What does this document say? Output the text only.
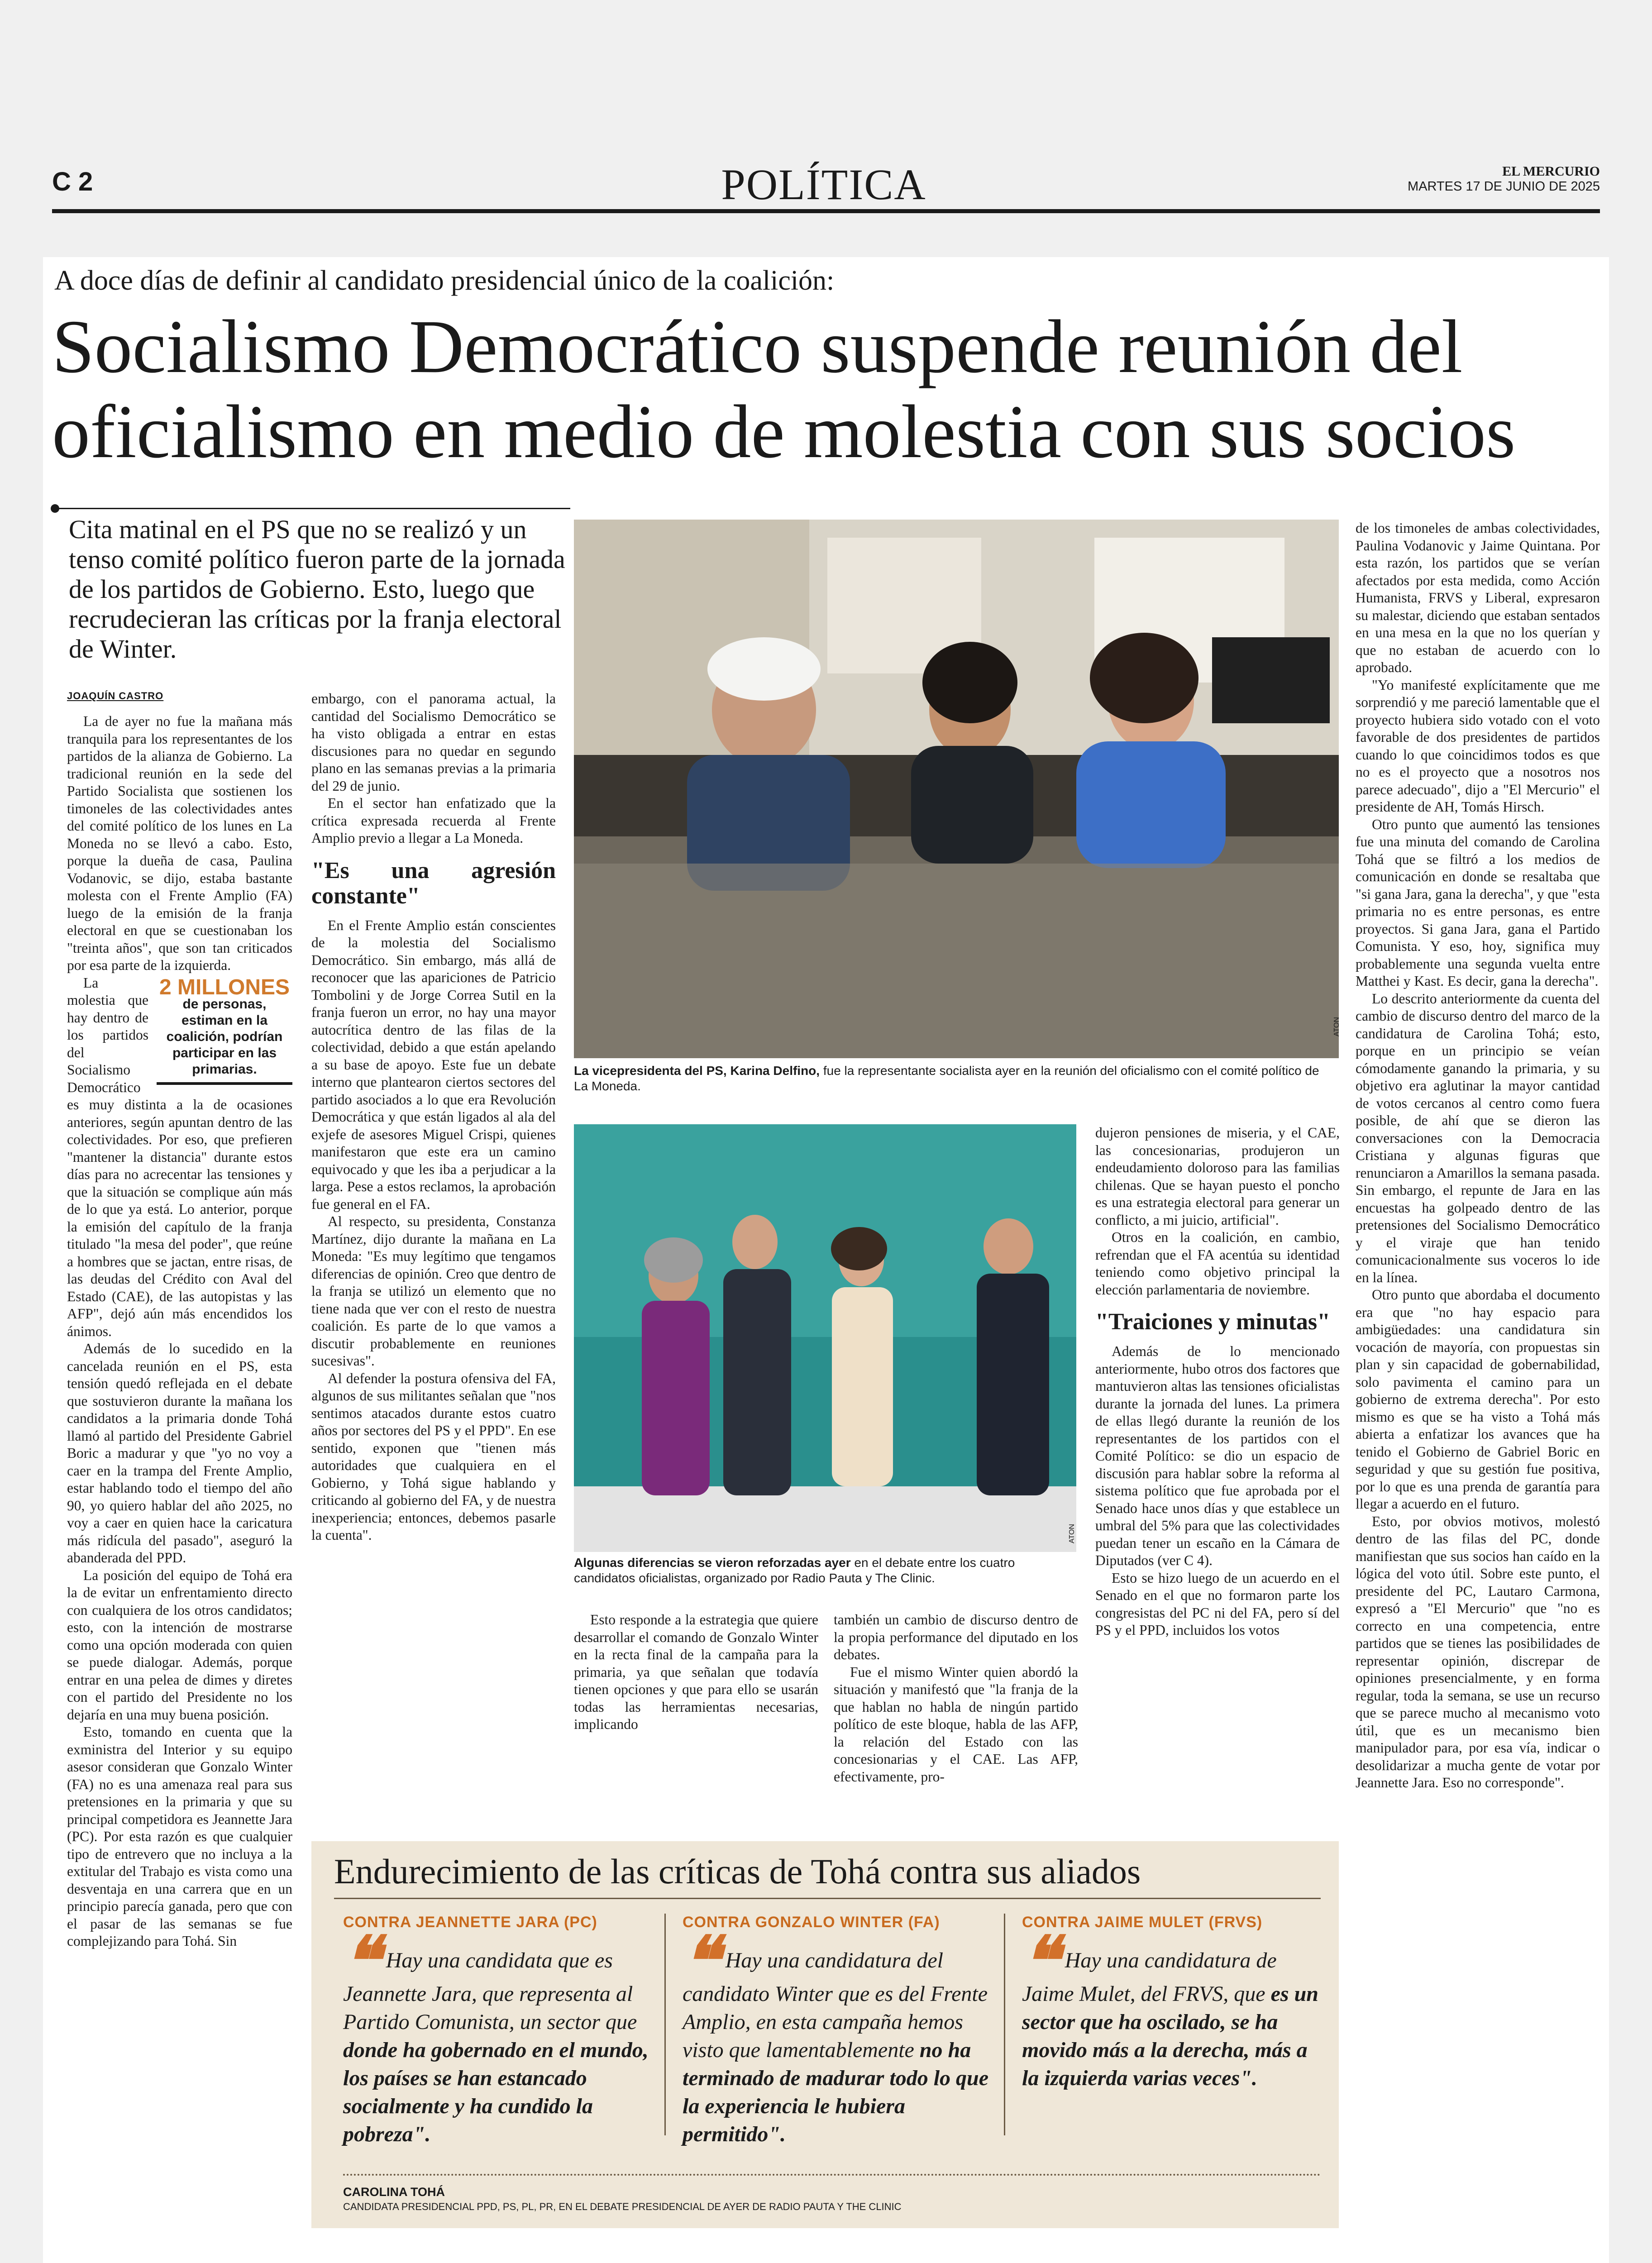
C 2	POLÍTICA	EL MERCURIO
MARTES 17 DE JUNIO DE 2025
A doce días de definir al candidato presidencial único de la coalición:
Socialismo Democrático suspende reunión del
oficialismo en medio de molestia con sus socios
Cita matinal en el PS que no se realizó y un tenso comité político fueron parte de la jornada de los partidos de Gobierno. Esto, luego que recrudecieran las críticas por la franja electoral de Winter.
JOAQUÍN CASTRO

La de ayer no fue la mañana más tranquila para los representantes de los partidos de la alianza de Gobierno. La tradicional reunión en la sede del Partido Socialista que sostienen los timoneles de las colectividades antes del comité político de los lunes en La Moneda no se llevó a cabo. Esto, porque la dueña de casa, Paulina Vodanovic, se dijo, estaba bastante molesta con el Frente Amplio (FA) luego de la emisión de la franja electoral en que se cuestionaban los "treinta años", que son tan criticados por esa parte de la izquierda.

2 MILLONES
de personas, estiman en la coalición, podrían participar en las primarias.

La molestia que hay dentro de los partidos del Socialismo Democrático es muy distinta a la de ocasiones anteriores, según apuntan dentro de las colectividades. Por eso, que prefieren "mantener la distancia" durante estos días para no acrecentar las tensiones y que la situación se complique aún más de lo que ya está. Lo anterior, porque la emisión del capítulo de la franja titulado "la mesa del poder", que reúne a hombres que se jactan, entre risas, de las deudas del Crédito con Aval del Estado (CAE), de las autopistas y las AFP", dejó aún más encendidos los ánimos.

Además de lo sucedido en la cancelada reunión en el PS, esta tensión quedó reflejada en el debate que sostuvieron durante la mañana los candidatos a la primaria donde Tohá llamó al partido del Presidente Gabriel Boric a madurar y que "yo no voy a caer en la trampa del Frente Amplio, estar hablando todo el tiempo del año 90, yo quiero hablar del año 2025, no voy a caer en quien hace la caricatura más ridícula del pasado", aseguró la abanderada del PPD.

La posición del equipo de Tohá era la de evitar un enfrentamiento directo con cualquiera de los otros candidatos; esto, con la intención de mostrarse como una opción moderada con quien se puede dialogar. Además, porque entrar en una pelea de dimes y diretes con el partido del Presidente no los dejaría en una muy buena posición.

Esto, tomando en cuenta que la exministra del Interior y su equipo asesor consideran que Gonzalo Winter (FA) no es una amenaza real para sus pretensiones en la primaria y que su principal competidora es Jeannette Jara (PC). Por esta razón es que cualquier tipo de entrevero que no incluya a la extitular del Trabajo es vista como una desventaja en una carrera que en un principio parecía ganada, pero que con el pasar de las semanas se fue complejizando para Tohá. Sin

embargo, con el panorama actual, la cantidad del Socialismo Democrático se ha visto obligada a entrar en estas discusiones para no quedar en segundo plano en las semanas previas a la primaria del 29 de junio.

En el sector han enfatizado que la crítica expresada recuerda al Frente Amplio previo a llegar a La Moneda.

"Es una agresión constante"

En el Frente Amplio están conscientes de la molestia del Socialismo Democrático. Sin embargo, más allá de reconocer que las apariciones de Patricio Tombolini y de Jorge Correa Sutil en la franja fueron un error, no hay una mayor autocrítica dentro de las filas de la colectividad, debido a que están apelando a su base de apoyo. Este fue un debate interno que plantearon ciertos sectores del partido asociados a lo que era Revolución Democrática y que están ligados al ala del exjefe de asesores Miguel Crispi, quienes manifestaron que este era un camino equivocado y que les iba a perjudicar a la larga. Pese a estos reclamos, la aprobación fue general en el FA.

Al respecto, su presidenta, Constanza Martínez, dijo durante la mañana en La Moneda: "Es muy legítimo que tengamos diferencias de opinión. Creo que dentro de la franja se utilizó un elemento que no tiene nada que ver con el resto de nuestra coalición. Es parte de lo que vamos a discutir probablemente en reuniones sucesivas".

Al defender la postura ofensiva del FA, algunos de sus militantes señalan que "nos sentimos atacados durante estos cuatro años por sectores del PS y el PPD". En ese sentido, exponen que "tienen más autoridades que cualquiera en el Gobierno, y Tohá sigue hablando y criticando al gobierno del FA, y de nuestra inexperiencia; entonces, debemos pasarle la cuenta".

La vicepresidenta del PS, Karina Delfino, fue la representante socialista ayer en la reunión del oficialismo con el comité político de La Moneda.
ATON
Algunas diferencias se vieron reforzadas ayer en el debate entre los cuatro candidatos oficialistas, organizado por Radio Pauta y The Clinic.
ATON

Esto responde a la estrategia que quiere desarrollar el comando de Gonzalo Winter en la recta final de la campaña para la primaria, ya que señalan que todavía tienen opciones y que para ello se usarán todas las herramientas necesarias, implicando

también un cambio de discurso dentro de la propia performance del diputado en los debates.

Fue el mismo Winter quien abordó la situación y manifestó que "la franja de la que hablan no habla de ningún partido político de este bloque, habla de las AFP, la relación del Estado con las concesionarias y el CAE. Las AFP, efectivamente, pro-

dujeron pensiones de miseria, y el CAE, las concesionarias, produjeron un endeudamiento doloroso para las familias chilenas. Que se hayan puesto el poncho es una estrategia electoral para generar un conflicto, a mi juicio, artificial".

Otros en la coalición, en cambio, refrendan que el FA acentúa su identidad teniendo como objetivo principal la elección parlamentaria de noviembre.

"Traiciones y minutas"

Además de lo mencionado anteriormente, hubo otros dos factores que mantuvieron altas las tensiones oficialistas durante la jornada del lunes. La primera de ellas llegó durante la reunión de los representantes de los partidos con el Comité Político: se dio un espacio de discusión para hablar sobre la reforma al sistema político que fue aprobada por el Senado hace unos días y que establece un umbral del 5% para que las colectividades puedan tener un escaño en la Cámara de Diputados (ver C 4).

Esto se hizo luego de un acuerdo en el Senado en el que no formaron parte los congresistas del PC ni del FA, pero sí del PS y el PPD, incluidos los votos

de los timoneles de ambas colectividades, Paulina Vodanovic y Jaime Quintana. Por esta razón, los partidos que se verían afectados por esta medida, como Acción Humanista, FRVS y Liberal, expresaron su malestar, diciendo que estaban sentados en una mesa en la que no los querían y que no estaban de acuerdo con lo aprobado.

"Yo manifesté explícitamente que me sorprendió y me pareció lamentable que el proyecto hubiera sido votado con el voto favorable de dos presidentes de partidos cuando lo que coincidimos todos es que no es el proyecto que a nosotros nos parece adecuado", dijo a "El Mercurio" el presidente de AH, Tomás Hirsch.

Otro punto que aumentó las tensiones fue una minuta del comando de Carolina Tohá que se filtró a los medios de comunicación en donde se resaltaba que "si gana Jara, gana la derecha", y que "esta primaria no es entre personas, es entre proyectos. Si gana Jara, gana el Partido Comunista. Y eso, hoy, significa muy probablemente una segunda vuelta entre Matthei y Kast. Es decir, gana la derecha".

Lo descrito anteriormente da cuenta del cambio de discurso dentro del marco de la candidatura de Carolina Tohá; esto, porque en un principio se veían cómodamente ganando la primaria, y su objetivo era aglutinar la mayor cantidad de votos cercanos al centro como fuera posible, de ahí que se dieron las conversaciones con la Democracia Cristiana y algunas figuras que renunciaron a Amarillos la semana pasada. Sin embargo, el repunte de Jara en las encuestas ha golpeado dentro de las pretensiones del Socialismo Democrático y el viraje que han tenido comunicacionalmente sus voceros lo ide en la línea.

Otro punto que abordaba el documento era que "no hay espacio para ambigüedades: una candidatura sin vocación de mayoría, con propuestas sin plan y sin capacidad de gobernabilidad, solo pavimenta el camino para un gobierno de extrema derecha". Por esto mismo es que se ha visto a Tohá más abierta a enfatizar los avances que ha tenido el Gobierno de Gabriel Boric en seguridad y que su gestión fue positiva, por lo que es una prenda de garantía para llegar a acuerdo en el futuro.

Esto, por obvios motivos, molestó dentro de las filas del PC, donde manifiestan que sus socios han caído en la lógica del voto útil. Sobre este punto, el presidente del PC, Lautaro Carmona, expresó a "El Mercurio" que "no es correcto en una competencia, entre partidos que se tienes las posibilidades de representar opinión, discrepar de opiniones presencialmente, y en forma regular, toda la semana, se use un recurso que se parece mucho al mecanismo voto útil, que es un mecanismo bien manipulador para, por esa vía, indicar o desolidarizar a mucha gente de votar por Jeannette Jara. Eso no corresponde".

Endurecimiento de las críticas de Tohá contra sus aliados
CONTRA JEANNETTE JARA (PC)
❝ Hay una candidata que es Jeannette Jara, que representa al Partido Comunista, un sector que donde ha gobernado en el mundo, los países se han estancado socialmente y ha cundido la pobreza".
CONTRA GONZALO WINTER (FA)
❝ Hay una candidatura del candidato Winter que es del Frente Amplio, en esta campaña hemos visto que lamentablemente no ha terminado de madurar todo lo que la experiencia le hubiera permitido".
CONTRA JAIME MULET (FRVS)
❝ Hay una candidatura de Jaime Mulet, del FRVS, que es un sector que ha oscilado, se ha movido más a la derecha, más a la izquierda varias veces".
CAROLINA TOHÁ
CANDIDATA PRESIDENCIAL PPD, PS, PL, PR, EN EL DEBATE PRESIDENCIAL DE AYER DE RADIO PAUTA Y THE CLINIC
